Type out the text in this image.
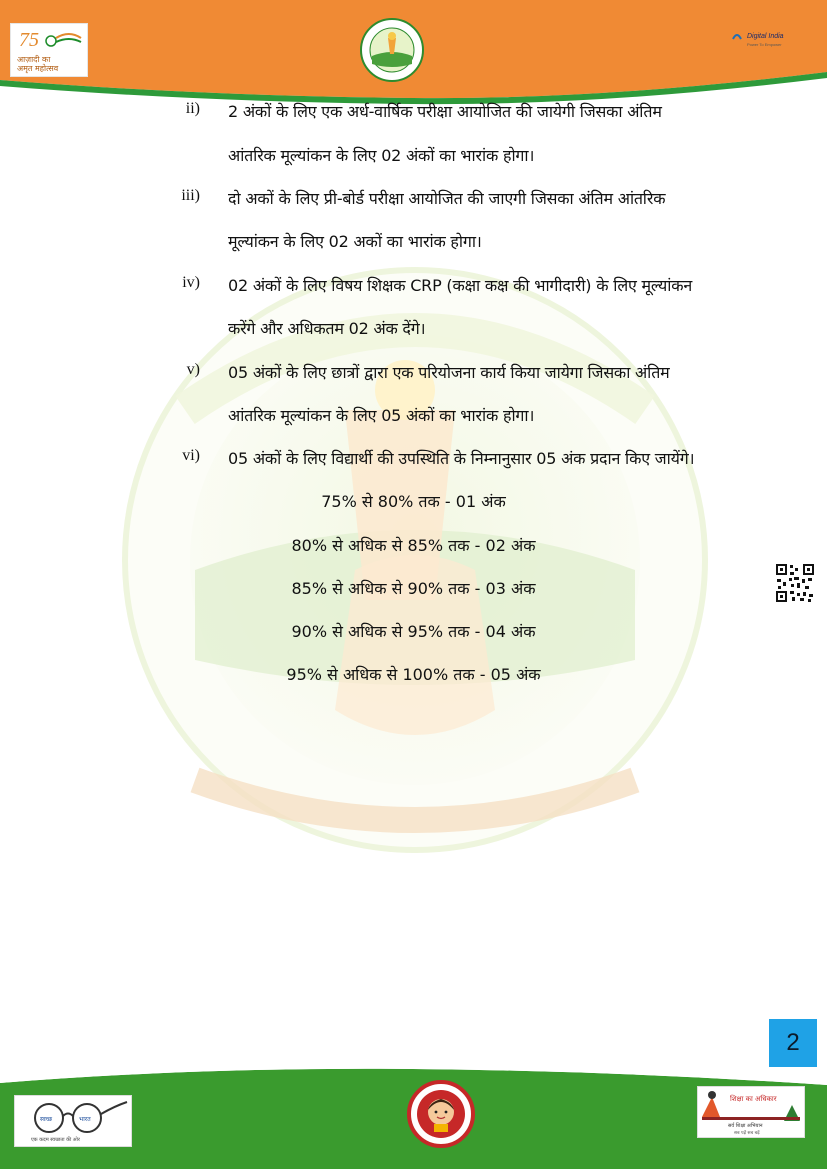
75
आज़ादी का
अमृत महोत्सव
Digital India
Power To Empower
ii) 2 अंकों के लिए एक अर्ध-वार्षिक परीक्षा आयोजित की जायेगी जिसका अंतिम
आंतरिक मूल्यांकन के लिए 02 अंकों का भारांक होगा।
iii) दो अकों के लिए प्री-बोर्ड परीक्षा आयोजित की जाएगी जिसका अंतिम आंतरिक
मूल्यांकन के लिए 02 अकों का भारांक होगा।
iv) 02 अंकों के लिए विषय शिक्षक CRP (कक्षा कक्ष की भागीदारी) के लिए मूल्यांकन
करेंगे और अधिकतम 02 अंक देंगे।
v) 05 अंकों के लिए छात्रों द्वारा एक परियोजना कार्य किया जायेगा जिसका अंतिम
आंतरिक मूल्यांकन के लिए 05 अंकों का भारांक होगा।
vi) 05 अंकों के लिए विद्यार्थी की उपस्थिति के निम्नानुसार 05 अंक प्रदान किए जायेंगे।
75% से 80% तक - 01 अंक
80% से अधिक से 85% तक - 02 अंक
85% से अधिक से 90% तक - 03 अंक
90% से अधिक से 95% तक - 04 अंक
95% से अधिक से 100% तक - 05 अंक
2
स्वच्छ	भारत
एक कदम स्वच्छता की ओर
शिक्षा का अधिकार
सर्व शिक्षा अभियान
सब पढ़ें सब बढ़ें
